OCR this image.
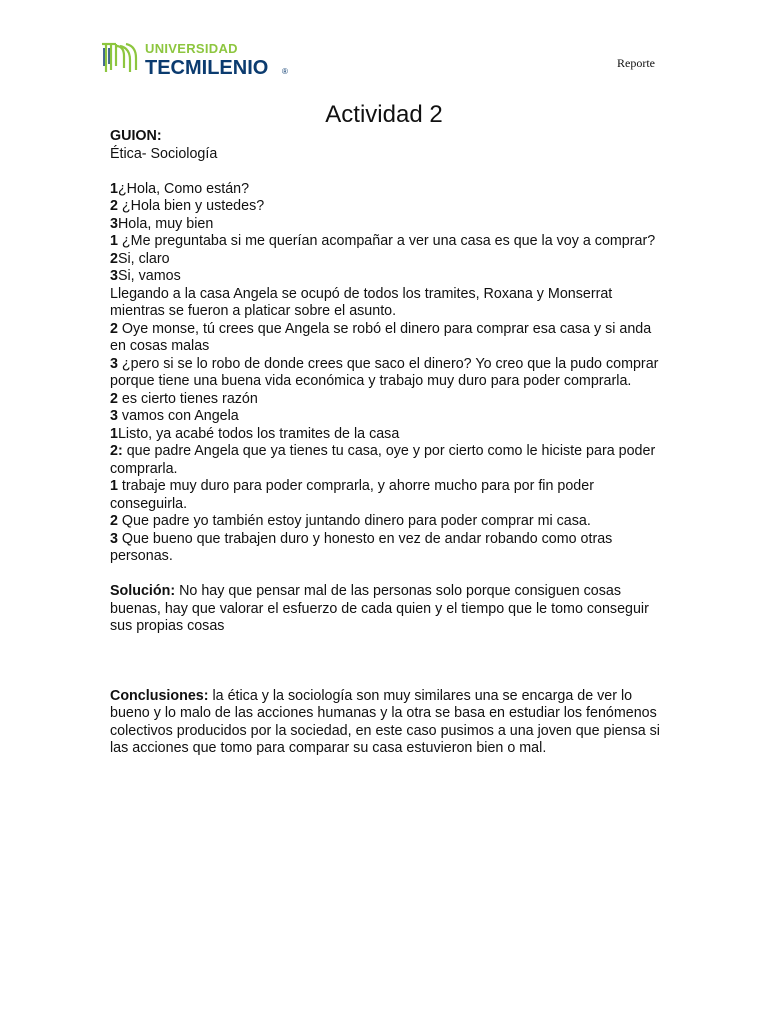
UNIVERSIDAD
TECMILENIO ®
Reporte
Actividad 2

GUION:

Ética- Sociología

1¿Hola, Como están?

2 ¿Hola bien y ustedes?

3Hola, muy bien

1 ¿Me preguntaba si me querían acompañar a ver una casa es que la voy a comprar?

2Si, claro

3Si, vamos

Llegando a la casa Angela se ocupó de todos los tramites, Roxana y Monserrat mientras se fueron a platicar sobre el asunto.

2 Oye monse, tú crees que Angela se robó el dinero para comprar esa casa y si anda en cosas malas

3 ¿pero si se lo robo de donde crees que saco el dinero? Yo creo que la pudo comprar porque tiene una buena vida económica y trabajo muy duro para poder comprarla.

2 es cierto tienes razón

3 vamos con Angela

1Listo, ya acabé todos los tramites de la casa

2: que padre Angela que ya tienes tu casa, oye y por cierto como le hiciste para poder comprarla.

1 trabaje muy duro para poder comprarla, y ahorre mucho para por fin poder conseguirla.

2 Que padre yo también estoy juntando dinero para poder comprar mi casa.

3 Que bueno que trabajen duro y honesto en vez de andar robando como otras personas.

Solución: No hay que pensar mal de las personas solo porque consiguen cosas buenas, hay que valorar el esfuerzo de cada quien y el tiempo que le tomo conseguir sus propias cosas

Conclusiones: la ética y la sociología son muy similares una se encarga de ver lo bueno y lo malo de las acciones humanas y la otra se basa en estudiar los fenómenos colectivos producidos por la sociedad, en este caso pusimos a una joven que piensa si las acciones que tomo para comparar su casa estuvieron bien o mal.
